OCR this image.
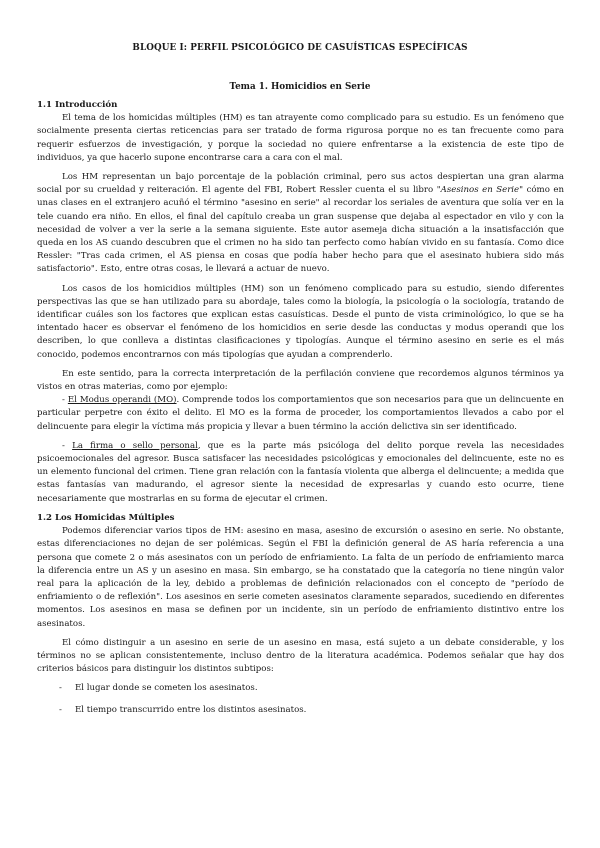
BLOQUE I: PERFIL PSICOLÓGICO DE CASUÍSTICAS ESPECÍFICAS
Tema 1. Homicidios en Serie

1.1 Introducción

El tema de los homicidas múltiples (HM) es tan atrayente como complicado para su estudio. Es un fenómeno que socialmente presenta ciertas reticencias para ser tratado de forma rigurosa porque no es tan frecuente como para requerir esfuerzos de investigación, y porque la sociedad no quiere enfrentarse a la existencia de este tipo de individuos, ya que hacerlo supone encontrarse cara a cara con el mal.

Los HM representan un bajo porcentaje de la población criminal, pero sus actos despiertan una gran alarma social por su crueldad y reiteración. El agente del FBI, Robert Ressler cuenta el su libro "Asesinos en Serie" cómo en unas clases en el extranjero acuñó el término "asesino en serie" al recordar los seriales de aventura que solía ver en la tele cuando era niño. En ellos, el final del capítulo creaba un gran suspense que dejaba al espectador en vilo y con la necesidad de volver a ver la serie a la semana siguiente. Este autor asemeja dicha situación a la insatisfacción que queda en los AS cuando descubren que el crimen no ha sido tan perfecto como habían vivido en su fantasía. Como dice Ressler: "Tras cada crimen, el AS piensa en cosas que podía haber hecho para que el asesinato hubiera sido más satisfactorio". Esto, entre otras cosas, le llevará a actuar de nuevo.

Los casos de los homicidios múltiples (HM) son un fenómeno complicado para su estudio, siendo diferentes perspectivas las que se han utilizado para su abordaje, tales como la biología, la psicología o la sociología, tratando de identificar cuáles son los factores que explican estas casuísticas. Desde el punto de vista criminológico, lo que se ha intentado hacer es observar el fenómeno de los homicidios en serie desde las conductas y modus operandi que los describen, lo que conlleva a distintas clasificaciones y tipologías. Aunque el término asesino en serie es el más conocido, podemos encontrarnos con más tipologías que ayudan a comprenderlo.

En este sentido, para la correcta interpretación de la perfilación conviene que recordemos algunos términos ya vistos en otras materias, como por ejemplo:

- El Modus operandi (MO). Comprende todos los comportamientos que son necesarios para que un delincuente en particular perpetre con éxito el delito. El MO es la forma de proceder, los comportamientos llevados a cabo por el delincuente para elegir la víctima más propicia y llevar a buen término la acción delictiva sin ser identificado.

- La firma o sello personal, que es la parte más psicóloga del delito porque revela las necesidades psicoemocionales del agresor. Busca satisfacer las necesidades psicológicas y emocionales del delincuente, este no es un elemento funcional del crimen. Tiene gran relación con la fantasía violenta que alberga el delincuente; a medida que estas fantasías van madurando, el agresor siente la necesidad de expresarlas y cuando esto ocurre, tiene necesariamente que mostrarlas en su forma de ejecutar el crimen.

1.2 Los Homicidas Múltiples

Podemos diferenciar varios tipos de HM: asesino en masa, asesino de excursión o asesino en serie. No obstante, estas diferenciaciones no dejan de ser polémicas. Según el FBI la definición general de AS haría referencia a una persona que comete 2 o más asesinatos con un período de enfriamiento. La falta de un período de enfriamiento marca la diferencia entre un AS y un asesino en masa. Sin embargo, se ha constatado que la categoría no tiene ningún valor real para la aplicación de la ley, debido a problemas de definición relacionados con el concepto de "período de enfriamiento o de reflexión". Los asesinos en serie cometen asesinatos claramente separados, sucediendo en diferentes momentos. Los asesinos en masa se definen por un incidente, sin un período de enfriamiento distintivo entre los asesinatos.

El cómo distinguir a un asesino en serie de un asesino en masa, está sujeto a un debate considerable, y los términos no se aplican consistentemente, incluso dentro de la literatura académica. Podemos señalar que hay dos criterios básicos para distinguir los distintos subtipos:

- El lugar donde se cometen los asesinatos.
- El tiempo transcurrido entre los distintos asesinatos.
